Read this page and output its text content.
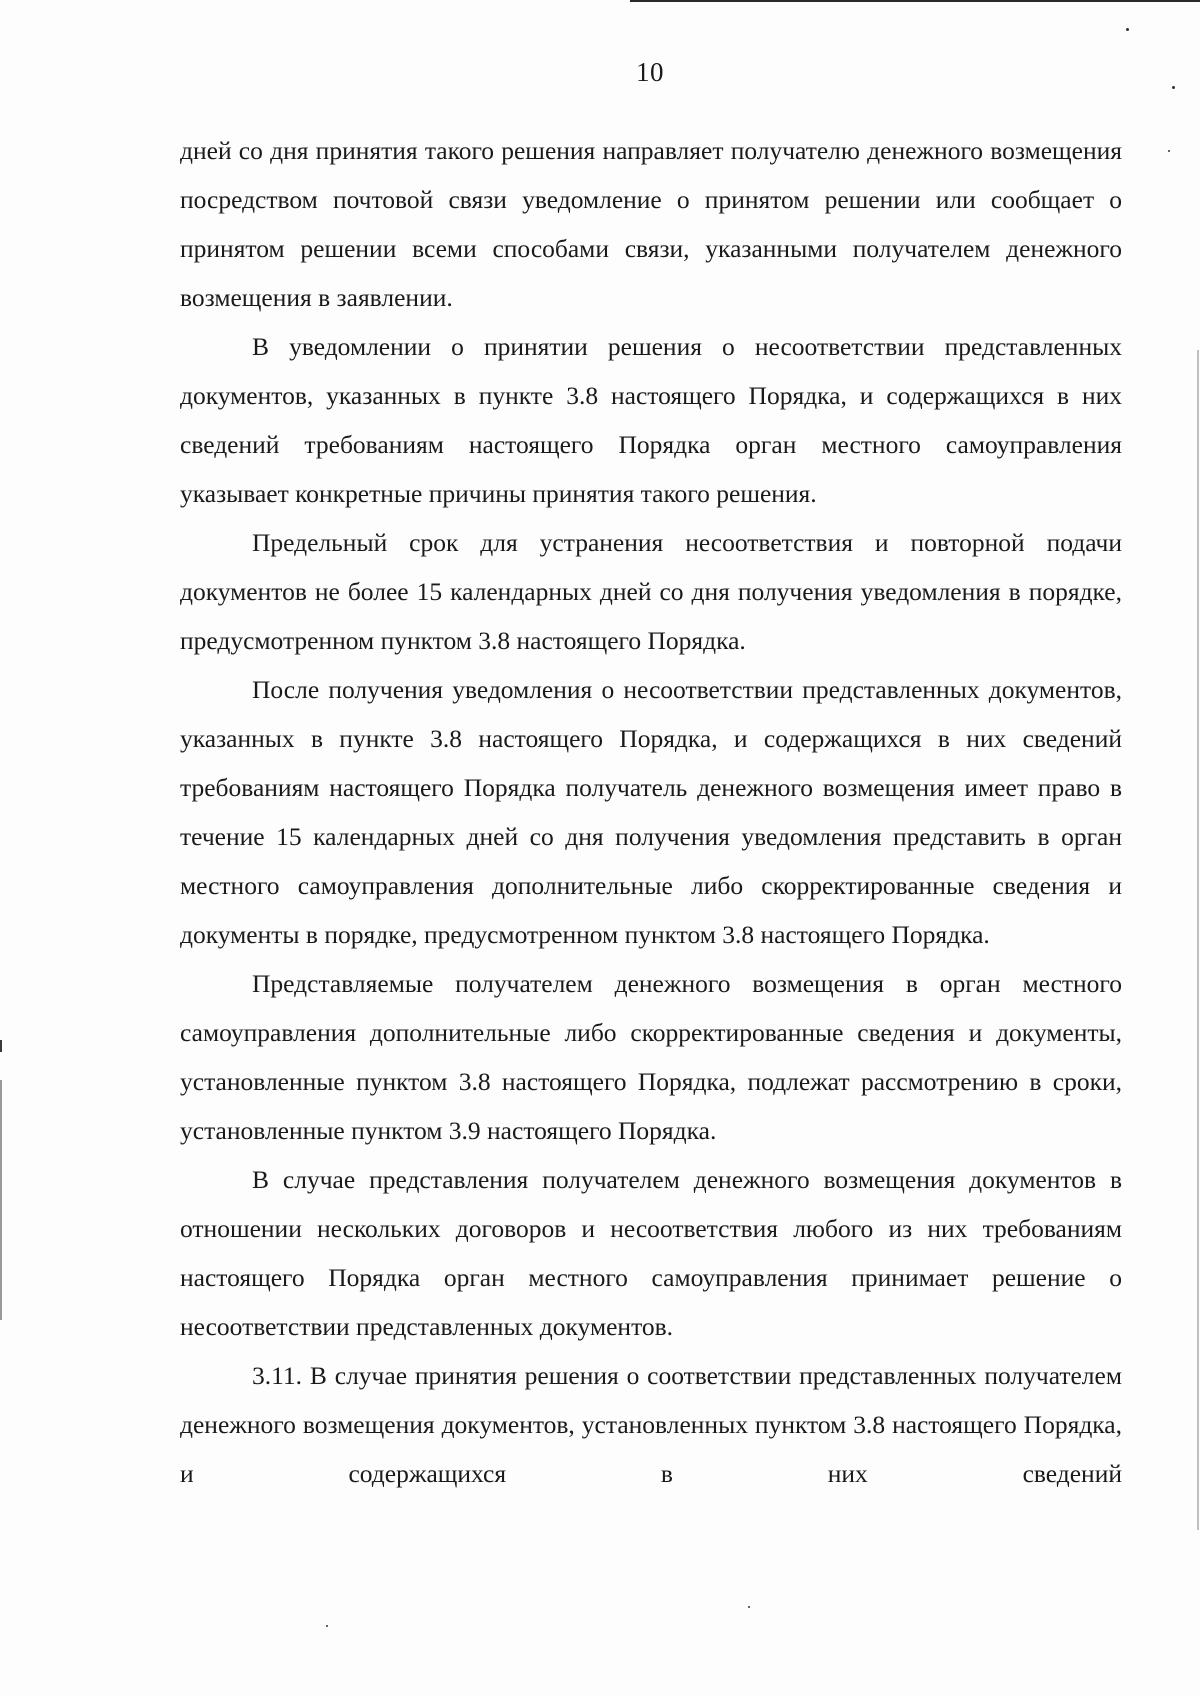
10

дней со дня принятия такого решения направляет получателю денежного возмещения посредством почтовой связи уведомление о принятом решении или сообщает о принятом решении всеми способами связи, указанными получателем денежного возмещения в заявлении.

В уведомлении о принятии решения о несоответствии представленных документов, указанных в пункте 3.8 настоящего Порядка, и содержащихся в них сведений требованиям настоящего Порядка орган местного самоуправления указывает конкретные причины принятия такого решения.

Предельный срок для устранения несоответствия и повторной подачи документов не более 15 календарных дней со дня получения уведомления в порядке, предусмотренном пунктом 3.8 настоящего Порядка.

После получения уведомления о несоответствии представленных документов, указанных в пункте 3.8 настоящего Порядка, и содержащихся в них сведений требованиям настоящего Порядка получатель денежного возмещения имеет право в течение 15 календарных дней со дня получения уведомления представить в орган местного самоуправления дополнительные либо скорректированные сведения и документы в порядке, предусмотренном пунктом 3.8 настоящего Порядка.

Представляемые получателем денежного возмещения в орган местного самоуправления дополнительные либо скорректированные сведения и документы, установленные пунктом 3.8 настоящего Порядка, подлежат рассмотрению в сроки, установленные пунктом 3.9 настоящего Порядка.

В случае представления получателем денежного возмещения документов в отношении нескольких договоров и несоответствия любого из них требованиям настоящего Порядка орган местного самоуправления принимает решение о несоответствии представленных документов.

3.11. В случае принятия решения о соответствии представленных получателем денежного возмещения документов, установленных пунктом 3.8 настоящего Порядка, и содержащихся в них сведений
